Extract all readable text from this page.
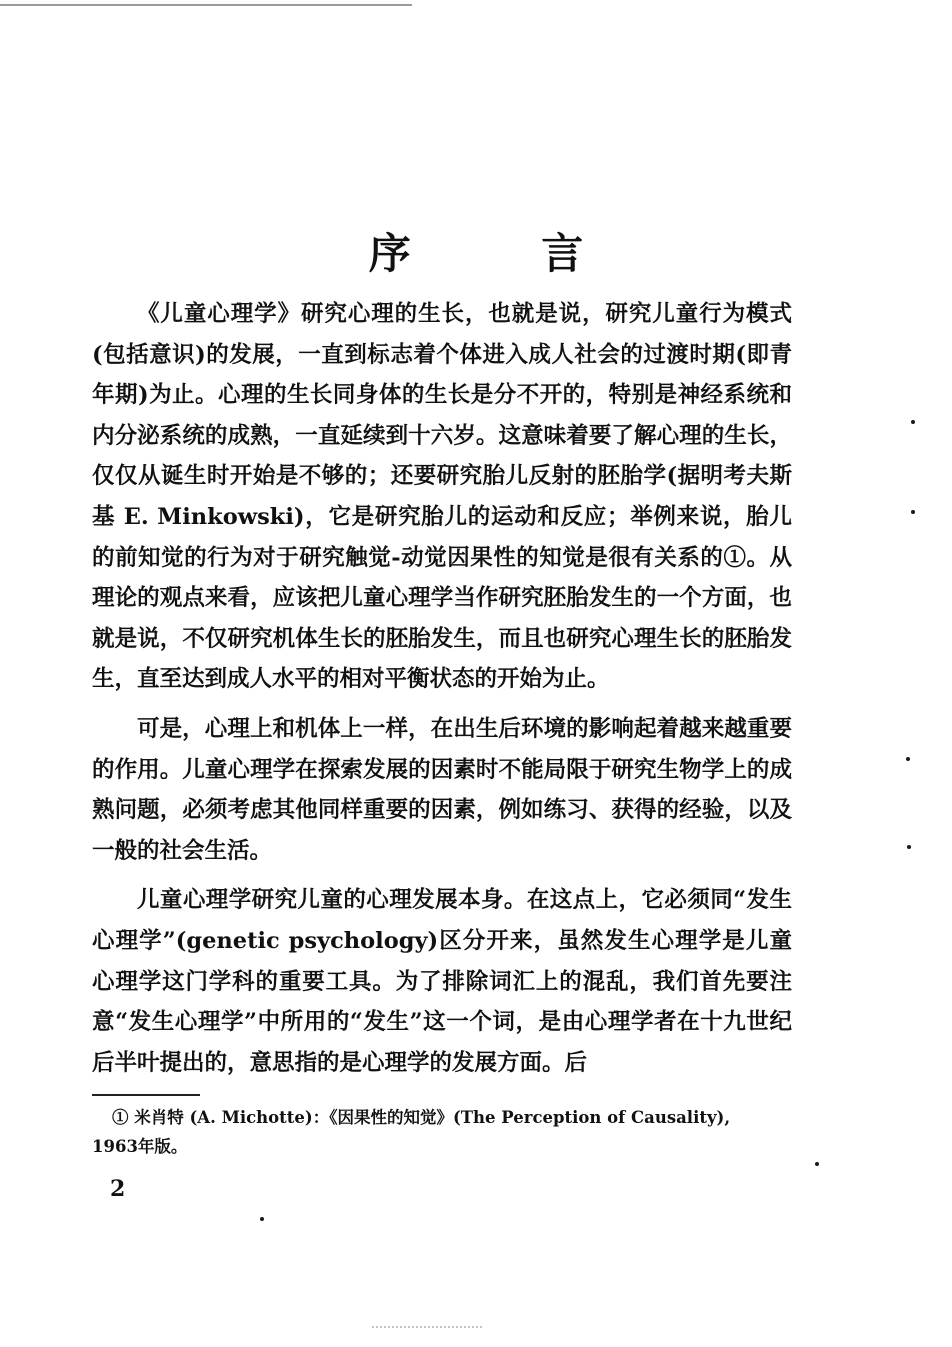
序 言

《儿童心理学》研究心理的生长，也就是说，研究儿童行为模式(包括意识)的发展，一直到标志着个体进入成人社会的过渡时期(即青年期)为止。心理的生长同身体的生长是分不开的，特别是神经系统和内分泌系统的成熟，一直延续到十六岁。这意味着要了解心理的生长，仅仅从诞生时开始是不够的；还要研究胎儿反射的胚胎学(据明考夫斯基 E. Minkowski)，它是研究胎儿的运动和反应；举例来说，胎儿的前知觉的行为对于研究触觉-动觉因果性的知觉是很有关系的①。从理论的观点来看，应该把儿童心理学当作研究胚胎发生的一个方面，也就是说，不仅研究机体生长的胚胎发生，而且也研究心理生长的胚胎发生，直至达到成人水平的相对平衡状态的开始为止。

可是，心理上和机体上一样，在出生后环境的影响起着越来越重要的作用。儿童心理学在探索发展的因素时不能局限于研究生物学上的成熟问题，必须考虑其他同样重要的因素，例如练习、获得的经验，以及一般的社会生活。

儿童心理学研究儿童的心理发展本身。在这点上，它必须同“发生心理学”(genetic psychology)区分开来，虽然发生心理学是儿童心理学这门学科的重要工具。为了排除词汇上的混乱，我们首先要注意“发生心理学”中所用的“发生”这一个词，是由心理学者在十九世纪后半叶提出的，意思指的是心理学的发展方面。后

① 米肖特 (A. Michotte)：《因果性的知觉》(The Perception of Causality),
1963年版。
2
